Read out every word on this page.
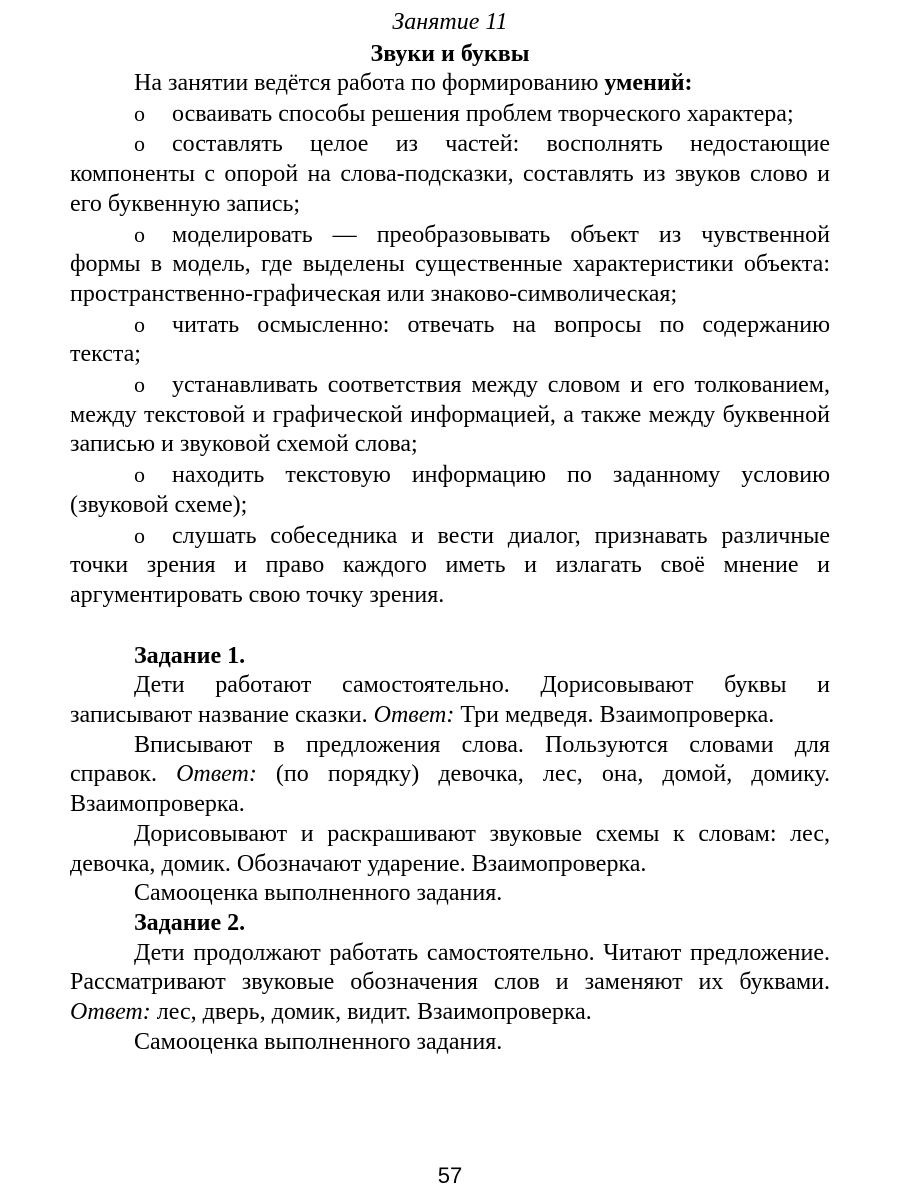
Занятие 11
Звуки и буквы

На занятии ведётся работа по формированию умений:

o осваивать способы решения проблем творческого характера;
o составлять целое из частей: восполнять недостающие компоненты с опорой на слова-подсказки, составлять из звуков слово и его буквенную запись;
o моделировать — преобразовывать объект из чувственной формы в модель, где выделены существенные характеристики объекта: пространственно-графическая или знаково-символическая;
o читать осмысленно: отвечать на вопросы по содержанию текста;
o устанавливать соответствия между словом и его толкованием, между текстовой и графической информацией, а также между буквенной записью и звуковой схемой слова;
o находить текстовую информацию по заданному условию (звуковой схеме);
o слушать собеседника и вести диалог, признавать различные точки зрения и право каждого иметь и излагать своё мнение и аргументировать свою точку зрения.

Задание 1.

Дети работают самостоятельно. Дорисовывают буквы и записывают название сказки. Ответ: Три медведя. Взаимопроверка.

Вписывают в предложения слова. Пользуются словами для справок. Ответ: (по порядку) девочка, лес, она, домой, домику. Взаимопроверка.

Дорисовывают и раскрашивают звуковые схемы к словам: лес, девочка, домик. Обозначают ударение. Взаимопроверка.

Самооценка выполненного задания.

Задание 2.

Дети продолжают работать самостоятельно. Читают предложение. Рассматривают звуковые обозначения слов и заменяют их буквами. Ответ: лес, дверь, домик, видит. Взаимопроверка.

Самооценка выполненного задания.

57
